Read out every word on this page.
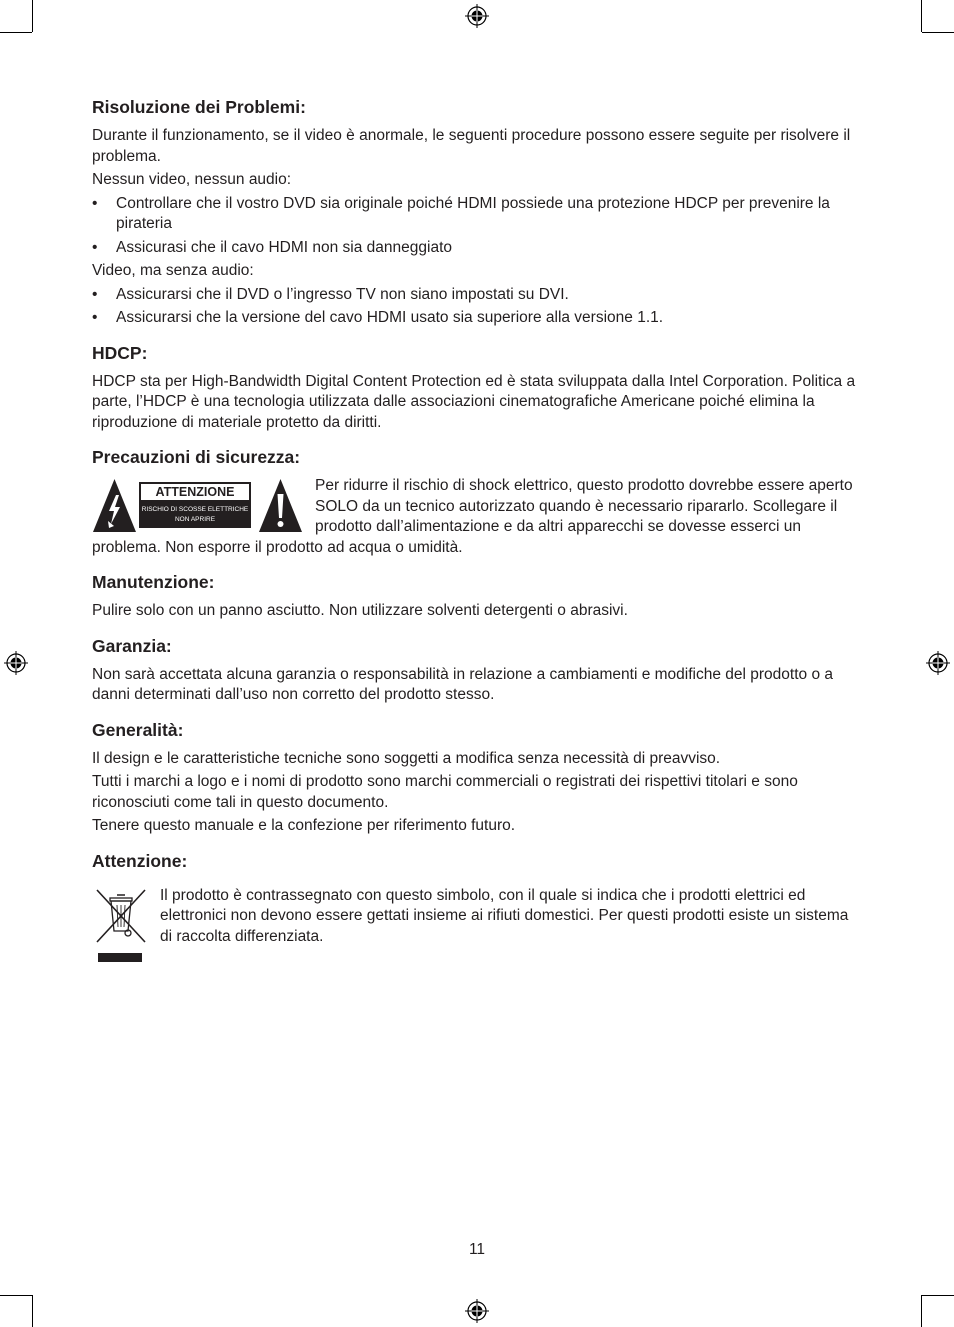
Risoluzione dei Problemi:

Durante il funzionamento, se il video è anormale, le seguenti procedure possono essere seguite per risolvere il problema.

Nessun video, nessun audio:

• Controllare che il vostro DVD sia originale poiché HDMI possiede una protezione HDCP per prevenire la pirateria
• Assicurasi che il cavo HDMI non sia danneggiato

Video, ma senza audio:

• Assicurarsi che il DVD o l’ingresso TV non siano impostati su DVI.
• Assicurarsi che la versione del cavo HDMI usato sia superiore alla versione 1.1.
HDCP:

HDCP sta per High-Bandwidth Digital Content Protection ed è stata sviluppata dalla Intel Corporation. Politica a parte, l’HDCP è una tecnologia utilizzata dalle associazioni cinematografiche Americane poiché elimina la riproduzione di materiale protetto da diritti.

Precauzioni di sicurezza:
ATTENZIONE
RISCHIO DI SCOSSE ELETTRICHE
NON APRIRE

Per ridurre il rischio di shock elettrico, questo prodotto dovrebbe essere aperto SOLO da un tecnico autorizzato quando è necessario ripararlo. Scollegare il prodotto dall’alimentazione e da altri apparecchi se dovesse esserci un problema. Non esporre il prodotto ad acqua o umidità.

Manutenzione:

Pulire solo con un panno asciutto. Non utilizzare solventi detergenti o abrasivi.

Garanzia:

Non sarà accettata alcuna garanzia o responsabilità in relazione a cambiamenti e modifiche del prodotto o a danni determinati dall’uso non corretto del prodotto stesso.

Generalità:

Il design e le caratteristiche tecniche sono soggetti a modifica senza necessità di preavviso.

Tutti i marchi a logo e i nomi di prodotto sono marchi commerciali o registrati dei rispettivi titolari e sono riconosciuti come tali in questo documento.

Tenere questo manuale e la confezione per riferimento futuro.

Attenzione:

Il prodotto è contrassegnato con questo simbolo, con il quale si indica che i prodotti elettrici ed elettronici non devono essere gettati insieme ai rifiuti domestici. Per questi prodotti esiste un sistema di raccolta differenziata.

11
